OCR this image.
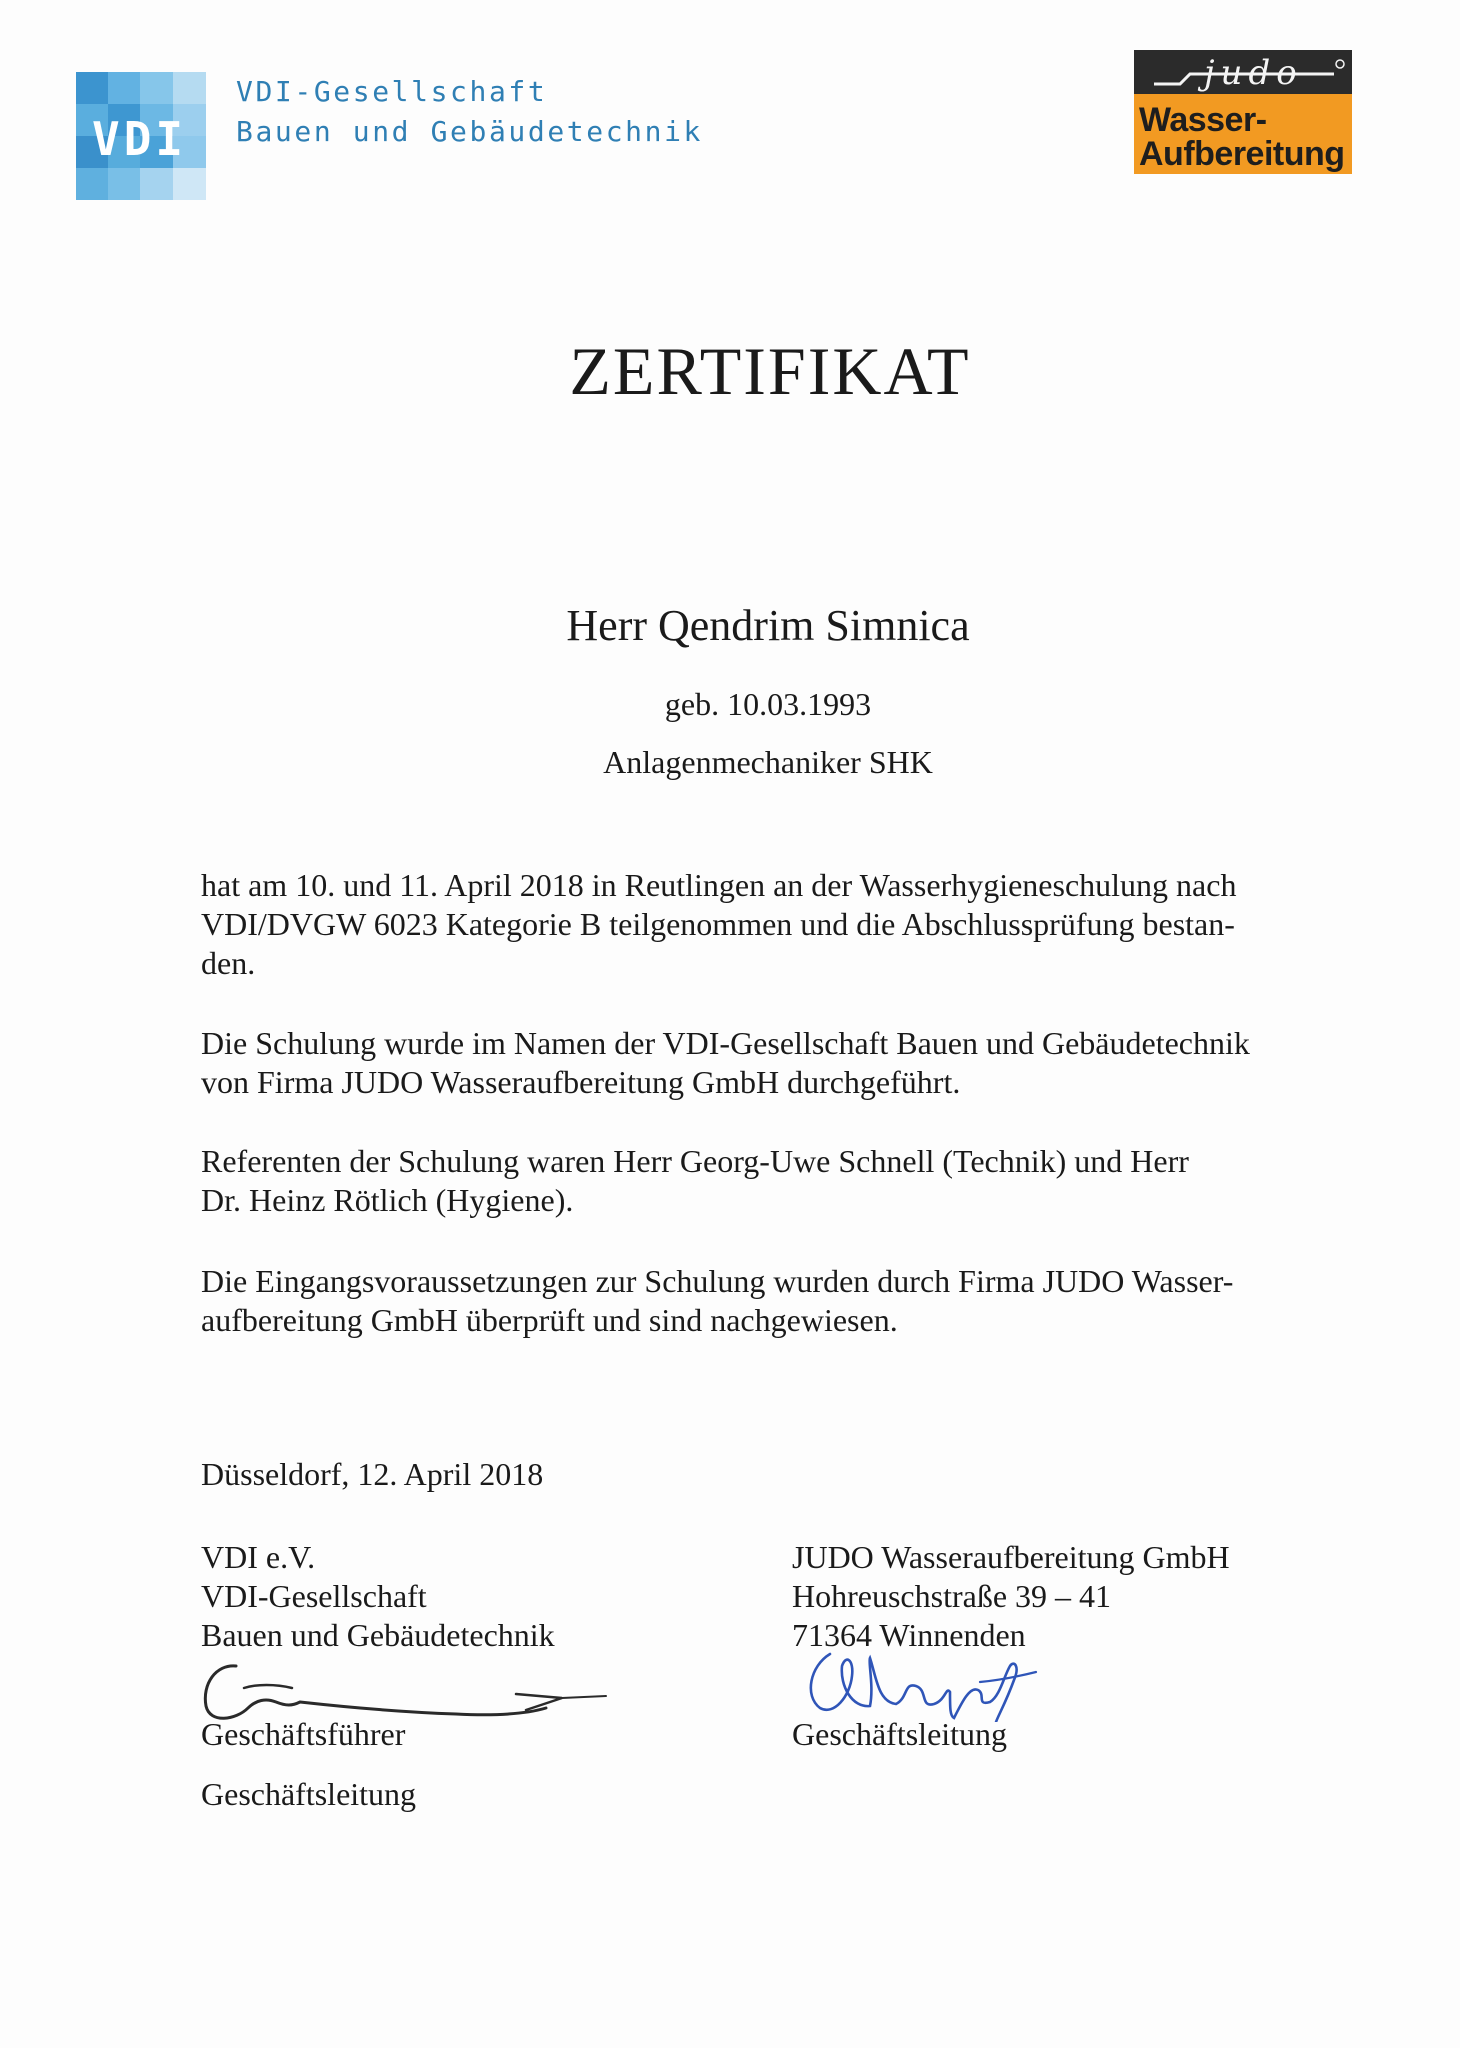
VDI
VDI-Gesellschaft
Bauen und Gebäudetechnik
judo
Wasser-
Aufbereitung
ZERTIFIKAT
Herr Qendrim Simnica
geb. 10.03.1993
Anlagenmechaniker SHK

hat am 10. und 11. April 2018 in Reutlingen an der Wasserhygieneschulung nach
VDI/DVGW 6023 Kategorie B teilgenommen und die Abschlussprüfung bestan-
den.

Die Schulung wurde im Namen der VDI-Gesellschaft Bauen und Gebäudetechnik
von Firma JUDO Wasseraufbereitung GmbH durchgeführt.

Referenten der Schulung waren Herr Georg-Uwe Schnell (Technik) und Herr
Dr. Heinz Rötlich (Hygiene).

Die Eingangsvoraussetzungen zur Schulung wurden durch Firma JUDO Wasser-
aufbereitung GmbH überprüft und sind nachgewiesen.

Düsseldorf, 12. April 2018
VDI e.V.
VDI-Gesellschaft
Bauen und Gebäudetechnik
JUDO Wasseraufbereitung GmbH
Hohreuschstraße 39 – 41
71364 Winnenden
Geschäftsführer
Geschäftsleitung
Geschäftsleitung
